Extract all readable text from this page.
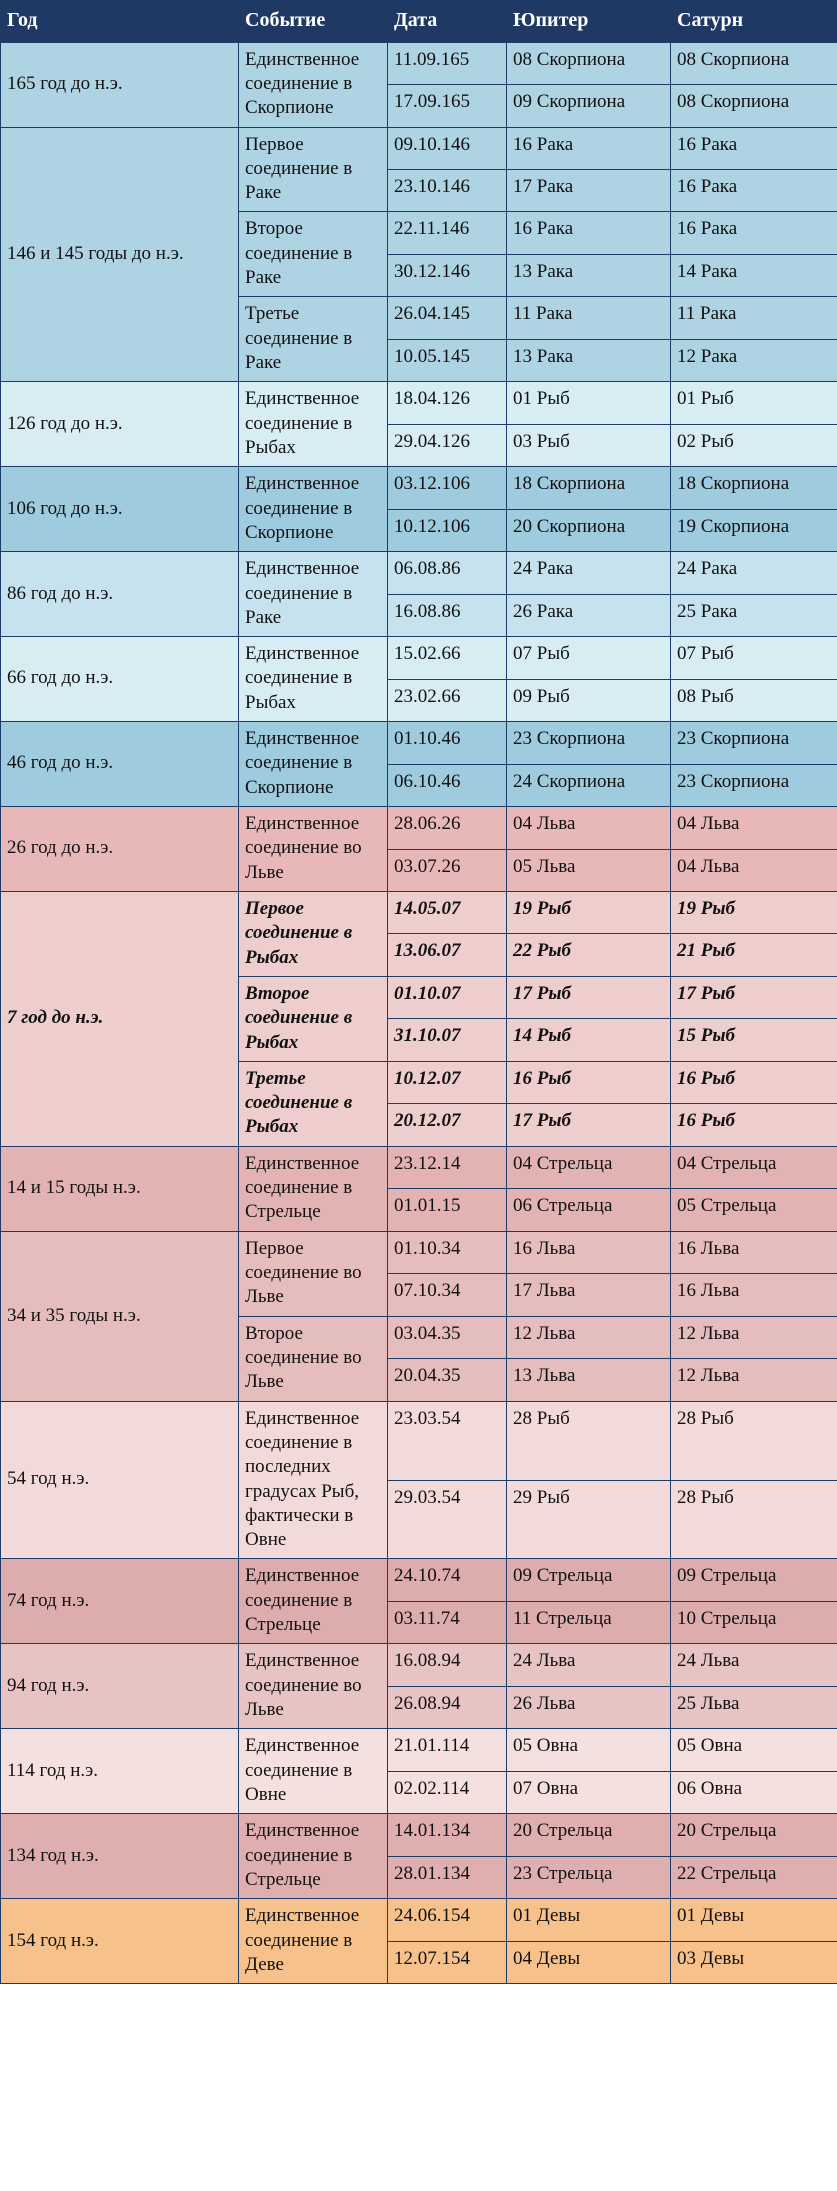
Год	Событие	Дата	Юпитер	Сатурн
165 год до н.э.	Единственное соединение в Скорпионе	11.09.165	08 Скорпиона	08 Скорпиона
		17.09.165	09 Скорпиона	08 Скорпиона
146 и 145 годы до н.э.	Первое соединение в Раке	09.10.146	16 Рака	16 Рака
		23.10.146	17 Рака	16 Рака
	Второе соединение в Раке	22.11.146	16 Рака	16 Рака
		30.12.146	13 Рака	14 Рака
	Третье соединение в Раке	26.04.145	11 Рака	11 Рака
		10.05.145	13 Рака	12 Рака
126 год до н.э.	Единственное соединение в Рыбах	18.04.126	01 Рыб	01 Рыб
		29.04.126	03 Рыб	02 Рыб
106 год до н.э.	Единственное соединение в Скорпионе	03.12.106	18 Скорпиона	18 Скорпиона
		10.12.106	20 Скорпиона	19 Скорпиона
86 год до н.э.	Единственное соединение в Раке	06.08.86	24 Рака	24 Рака
		16.08.86	26 Рака	25 Рака
66 год до н.э.	Единственное соединение в Рыбах	15.02.66	07 Рыб	07 Рыб
		23.02.66	09 Рыб	08 Рыб
46 год до н.э.	Единственное соединение в Скорпионе	01.10.46	23 Скорпиона	23 Скорпиона
		06.10.46	24 Скорпиона	23 Скорпиона
26 год до н.э.	Единственное соединение во Льве	28.06.26	04 Льва	04 Льва
		03.07.26	05 Льва	04 Льва
7 год до н.э.	Первое соединение в Рыбах	14.05.07	19 Рыб	19 Рыб
		13.06.07	22 Рыб	21 Рыб
	Второе соединение в Рыбах	01.10.07	17 Рыб	17 Рыб
		31.10.07	14 Рыб	15 Рыб
	Третье соединение в Рыбах	10.12.07	16 Рыб	16 Рыб
		20.12.07	17 Рыб	16 Рыб
14 и 15 годы н.э.	Единственное соединение в Стрельце	23.12.14	04 Стрельца	04 Стрельца
		01.01.15	06 Стрельца	05 Стрельца
34 и 35 годы н.э.	Первое соединение во Льве	01.10.34	16 Льва	16 Льва
		07.10.34	17 Льва	16 Льва
	Второе соединение во Льве	03.04.35	12 Льва	12 Льва
		20.04.35	13 Льва	12 Льва
54 год н.э.	Единственное соединение в последних градусах Рыб, фактически в Овне	23.03.54	28 Рыб	28 Рыб
		29.03.54	29 Рыб	28 Рыб
74 год н.э.	Единственное соединение в Стрельце	24.10.74	09 Стрельца	09 Стрельца
		03.11.74	11 Стрельца	10 Стрельца
94 год н.э.	Единственное соединение во Льве	16.08.94	24 Льва	24 Льва
		26.08.94	26 Льва	25 Льва
114 год н.э.	Единственное соединение в Овне	21.01.114	05 Овна	05 Овна
		02.02.114	07 Овна	06 Овна
134 год н.э.	Единственное соединение в Стрельце	14.01.134	20 Стрельца	20 Стрельца
		28.01.134	23 Стрельца	22 Стрельца
154 год н.э.	Единственное соединение в Деве	24.06.154	01 Девы	01 Девы
		12.07.154	04 Девы	03 Девы
